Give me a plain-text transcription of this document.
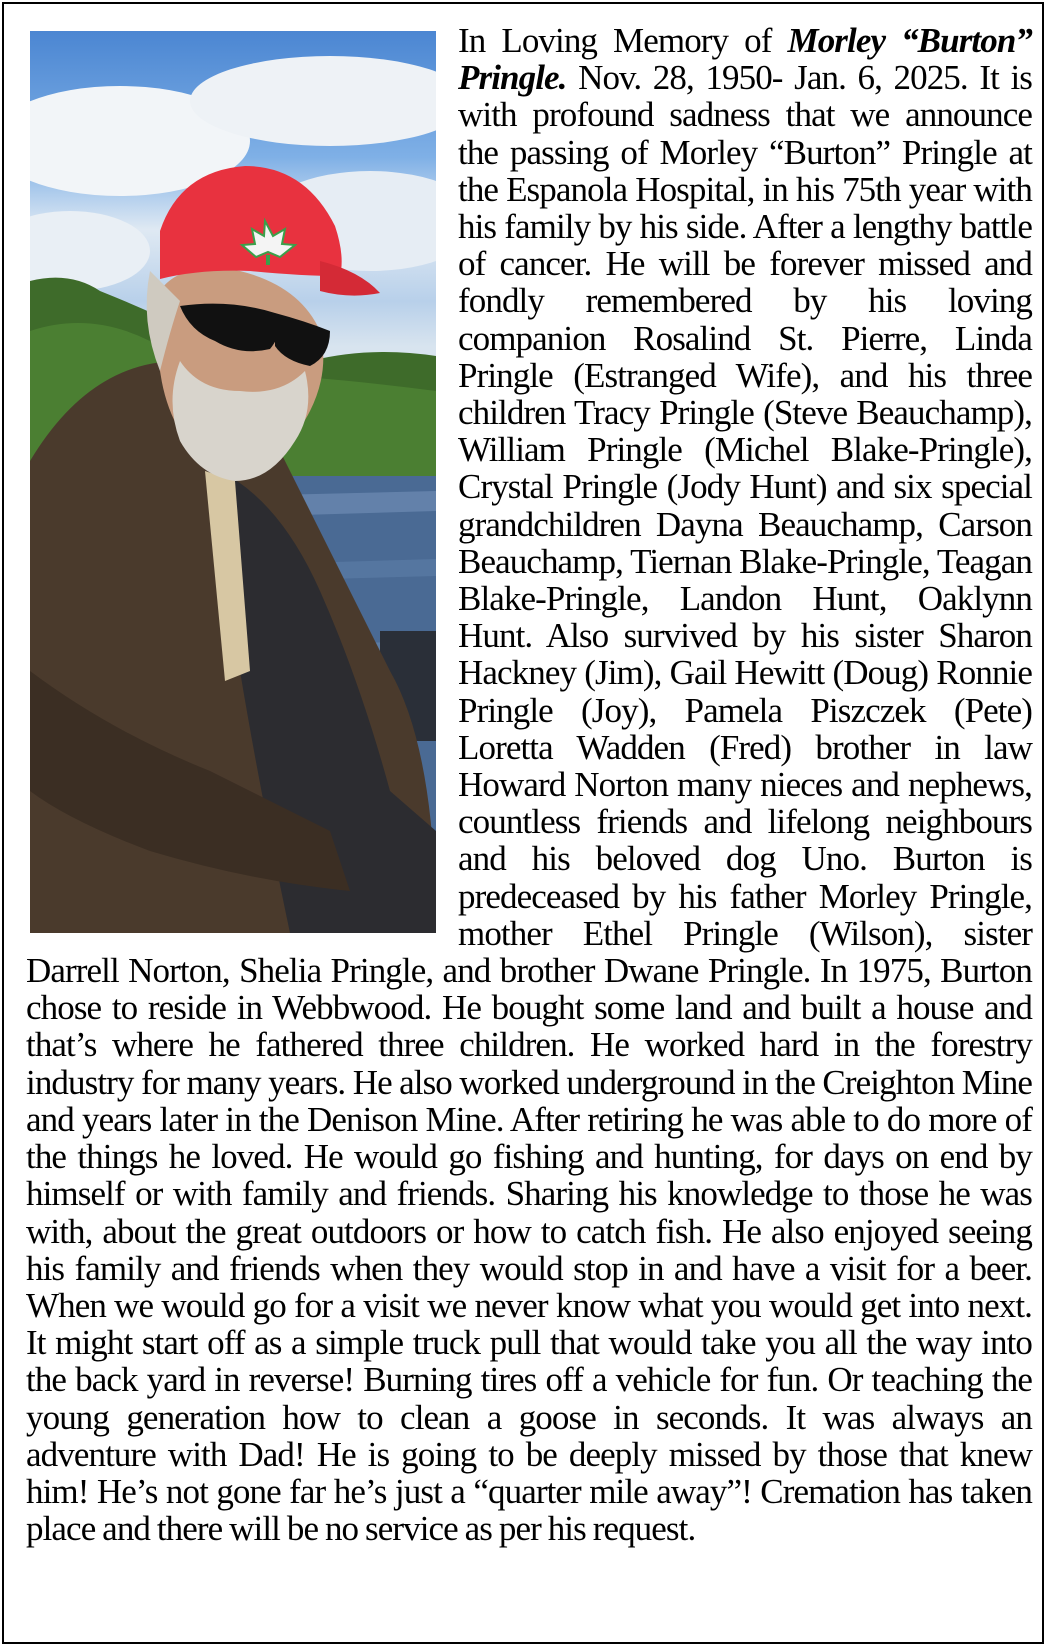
In Loving Memory of Morley “Burton” Pringle. Nov. 28, 1950- Jan. 6, 2025. It is with profound sadness that we announce the passing of Morley “Burton” Pringle at the Espanola Hospital, in his 75th year with his family by his side. After a lengthy battle of cancer. He will be forever missed and fondly remembered by his loving companion Rosalind St. Pierre, Linda Pringle (Estranged Wife), and his three children Tracy Pringle (Steve Beauchamp), William Pringle (Michel Blake-Pringle), Crystal Pringle (Jody Hunt) and six special grandchildren Dayna Beauchamp, Carson Beauchamp, Tiernan Blake-Pringle, Teagan Blake-Pringle, Landon Hunt, Oaklynn Hunt. Also survived by his sister Sharon Hackney (Jim), Gail Hewitt (Doug) Ronnie Pringle (Joy), Pamela Piszczek (Pete) Loretta Wadden (Fred) brother in law Howard Norton many nieces and nephews, countless friends and lifelong neighbours and his beloved dog Uno. Burton is predeceased by his father Morley Pringle, mother Ethel Pringle (Wilson), sister Darrell Norton, Shelia Pringle, and brother Dwane Pringle. In 1975, Burton chose to reside in Webbwood. He bought some land and built a house and that’s where he fathered three children. He worked hard in the forestry industry for many years. He also worked underground in the Creighton Mine and years later in the Denison Mine. After retiring he was able to do more of the things he loved. He would go fishing and hunting, for days on end by himself or with family and friends. Sharing his knowledge to those he was with, about the great outdoors or how to catch fish. He also enjoyed seeing his family and friends when they would stop in and have a visit for a beer. When we would go for a visit we never know what you would get into next. It might start off as a simple truck pull that would take you all the way into the back yard in reverse! Burning tires off a vehicle for fun. Or teaching the young generation how to clean a goose in seconds. It was always an adventure with Dad! He is going to be deeply missed by those that knew him! He’s not gone far he’s just a “quarter mile away”! Cremation has taken place and there will be no service as per his request.
